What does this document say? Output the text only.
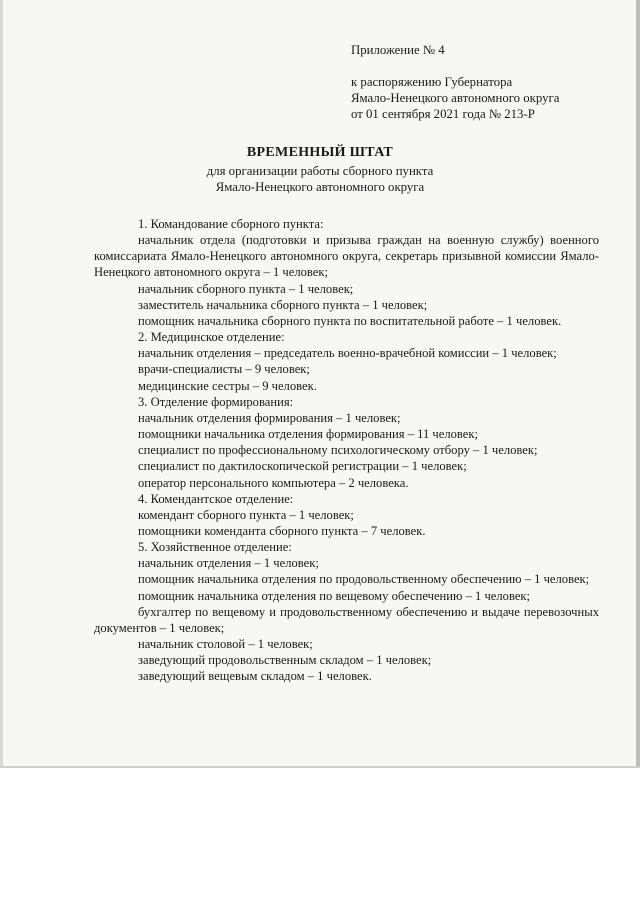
Приложение № 4
к распоряжению Губернатора
Ямало-Ненецкого автономного округа
от 01 сентября 2021 года № 213-Р
ВРЕМЕННЫЙ ШТАТ
для организации работы сборного пункта
Ямало-Ненецкого автономного округа

1. Командование сборного пункта:

начальник отдела (подготовки и призыва граждан на военную службу) военного комиссариата Ямало-Ненецкого автономного округа, секретарь призывной комиссии Ямало-Ненецкого автономного округа – 1 человек;

начальник сборного пункта – 1 человек;

заместитель начальника сборного пункта – 1 человек;

помощник начальника сборного пункта по воспитательной работе – 1 человек.

2. Медицинское отделение:

начальник отделения – председатель военно-врачебной комиссии – 1 человек;

врачи-специалисты – 9 человек;

медицинские сестры – 9 человек.

3. Отделение формирования:

начальник отделения формирования – 1 человек;

помощники начальника отделения формирования – 11 человек;

специалист по профессиональному психологическому отбору – 1 человек;

специалист по дактилоскопической регистрации – 1 человек;

оператор персонального компьютера – 2 человека.

4. Комендантское отделение:

комендант сборного пункта – 1 человек;

помощники коменданта сборного пункта – 7 человек.

5. Хозяйственное отделение:

начальник отделения – 1 человек;

помощник начальника отделения по продовольственному обеспечению – 1 человек;

помощник начальника отделения по вещевому обеспечению – 1 человек;

бухгалтер по вещевому и продовольственному обеспечению и выдаче перевозочных документов – 1 человек;

начальник столовой – 1 человек;

заведующий продовольственным складом – 1 человек;

заведующий вещевым складом – 1 человек.
